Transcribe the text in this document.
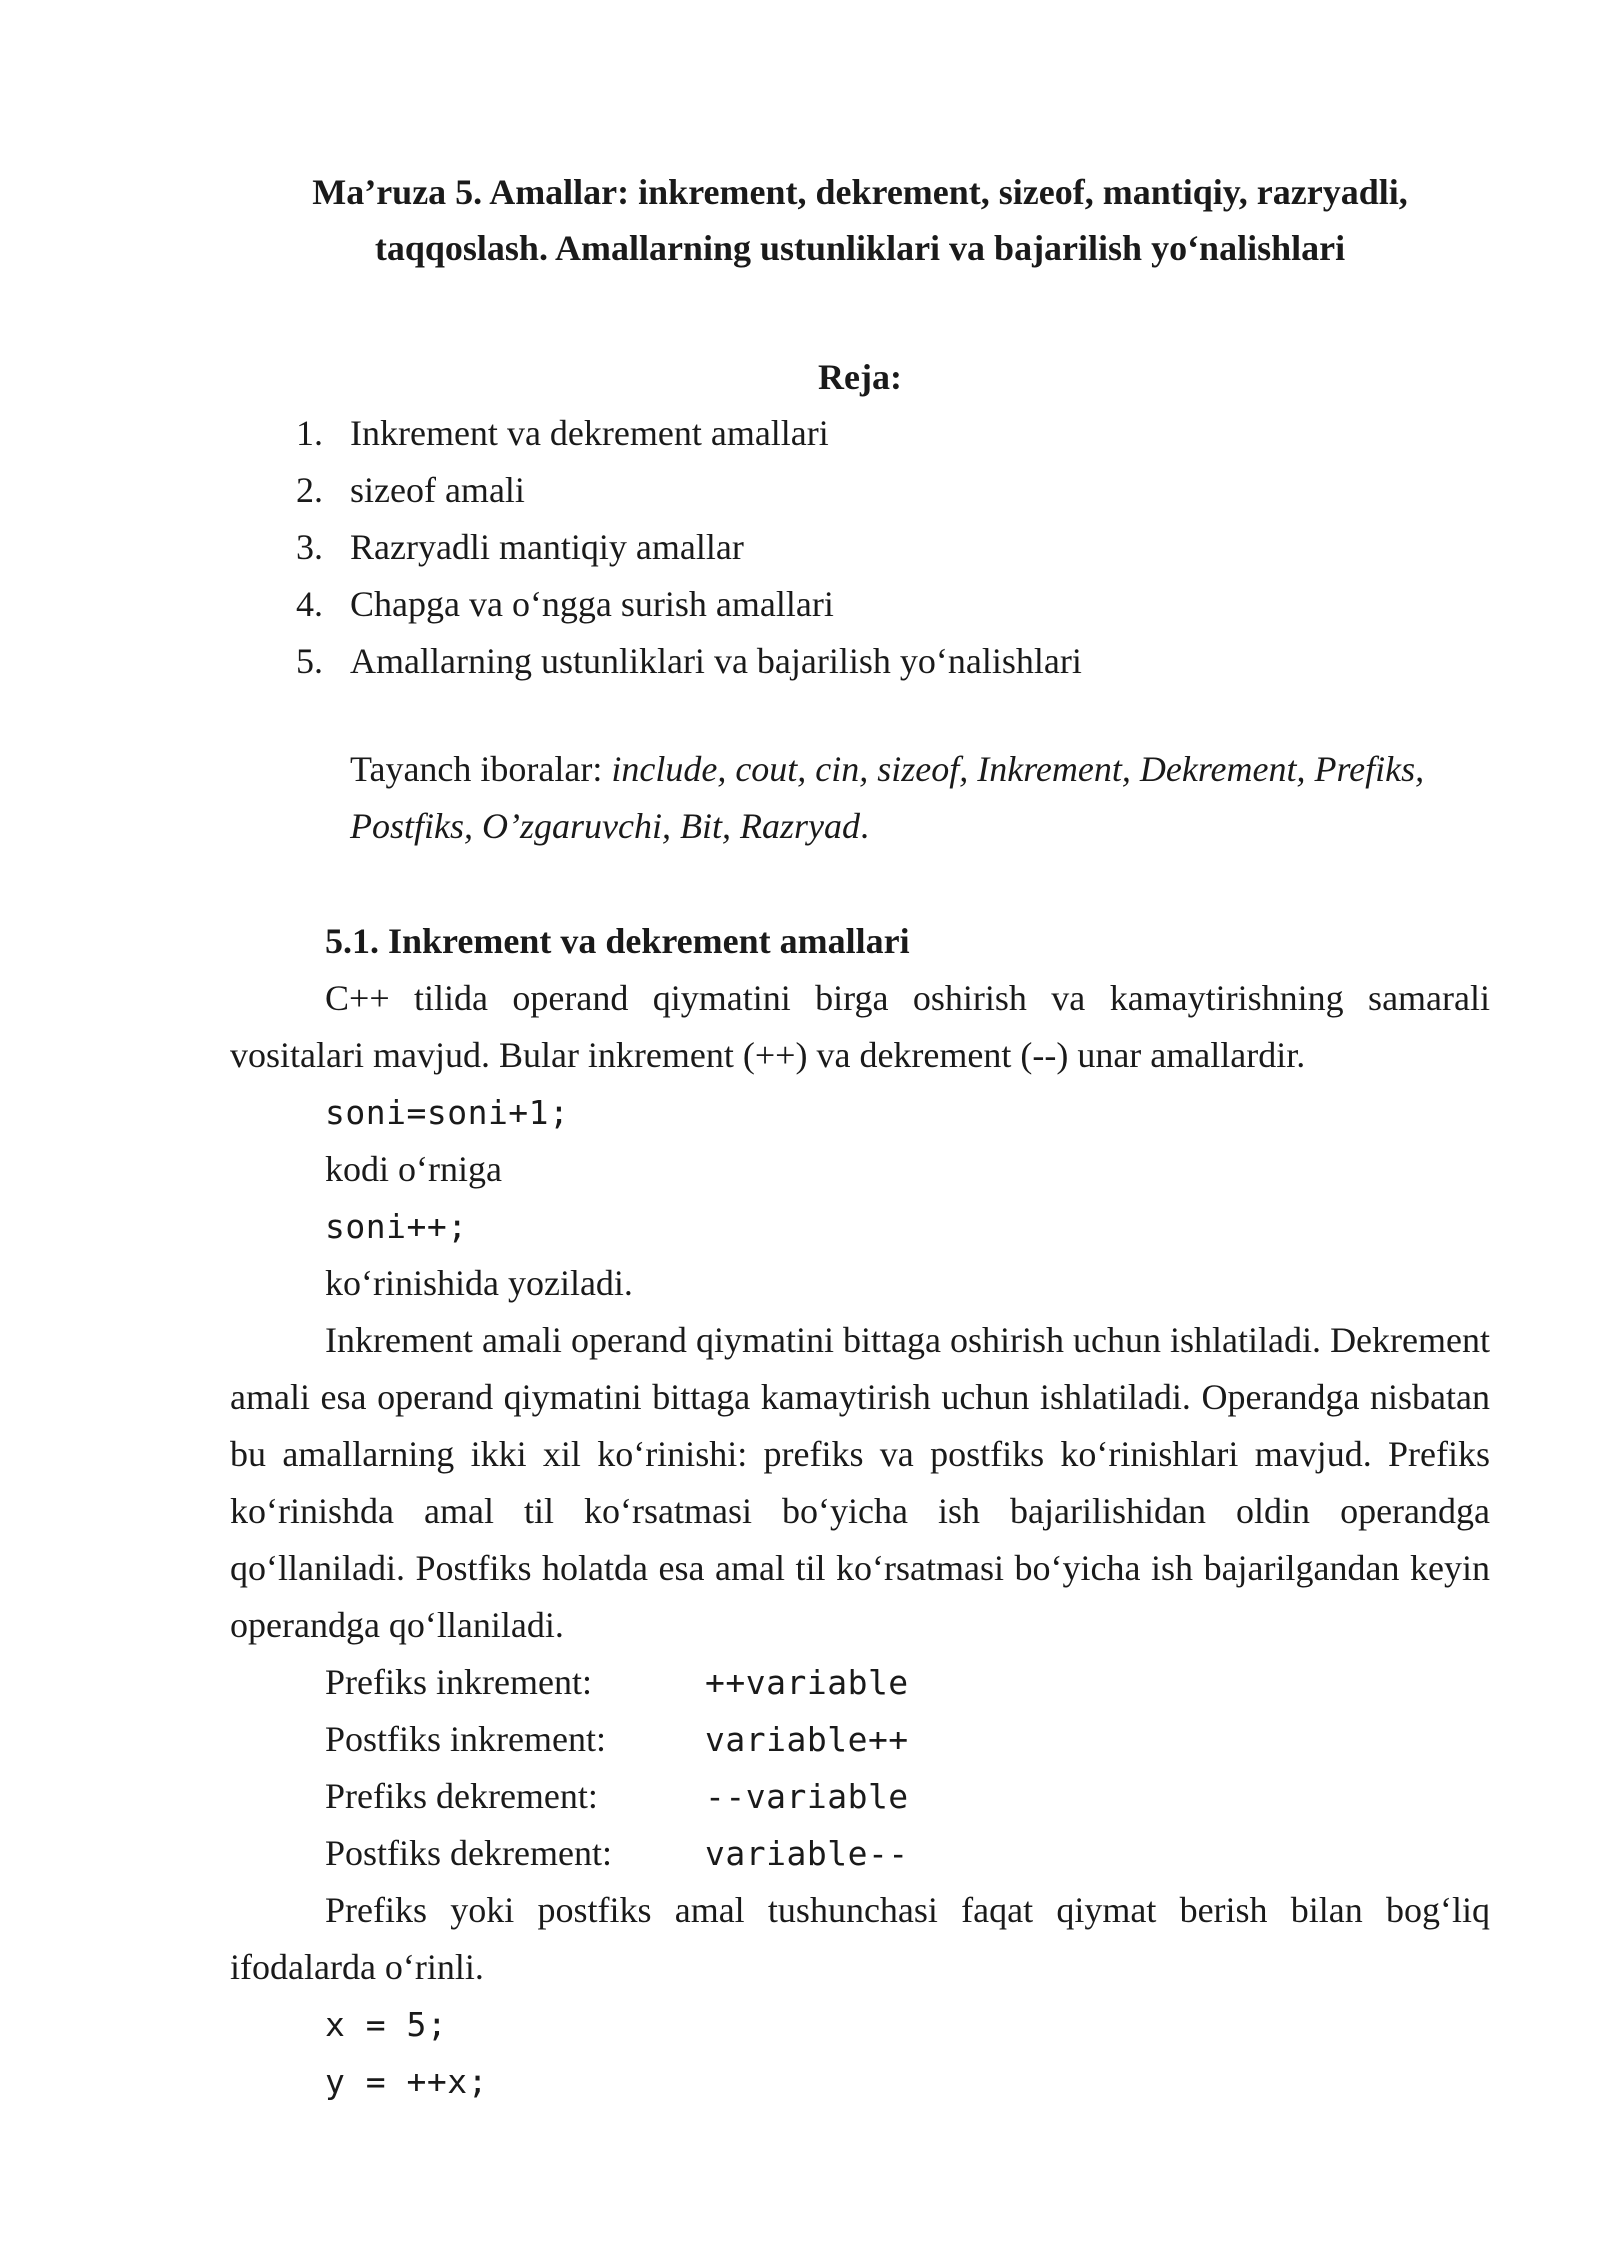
Ma’ruza 5. Amallar: inkrement, dekrement, sizeof, mantiqiy, razryadli,
taqqoslash. Amallarning ustunliklari va bajarilish yo‘nalishlari
Reja:
1. Inkrement va dekrement amallari
2. sizeof amali
3. Razryadli mantiqiy amallar
4. Chapga va o‘ngga surish amallari
5. Amallarning ustunliklari va bajarilish yo‘nalishlari
Tayanch iboralar: include, cout, cin, sizeof, Inkrement, Dekrement, Prefiks, Postfiks, O’zgaruvchi, Bit, Razryad.
5.1. Inkrement va dekrement amallari
C++ tilida operand qiymatini birga oshirish va kamaytirishning samarali vositalari mavjud. Bular inkrement (++) va dekrement (--) unar amallardir.
soni=soni+1;
kodi o‘rniga
soni++;
ko‘rinishida yoziladi.
Inkrement amali operand qiymatini bittaga oshirish uchun ishlatiladi. Dekrement amali esa operand qiymatini bittaga kamaytirish uchun ishlatiladi. Operandga nisbatan bu amallarning ikki xil ko‘rinishi: prefiks va postfiks ko‘rinishlari mavjud. Prefiks ko‘rinishda amal til ko‘rsatmasi bo‘yicha ish bajarilishidan oldin operandga qo‘llaniladi. Postfiks holatda esa amal til ko‘rsatmasi bo‘yicha ish bajarilgandan keyin operandga qo‘llaniladi.
Prefiks inkrement:	++variable
Postfiks inkrement:	variable++
Prefiks dekrement:	--variable
Postfiks dekrement:	variable--
Prefiks yoki postfiks amal tushunchasi faqat qiymat berish bilan bog‘liq ifodalarda o‘rinli.
x = 5;
y = ++x;
